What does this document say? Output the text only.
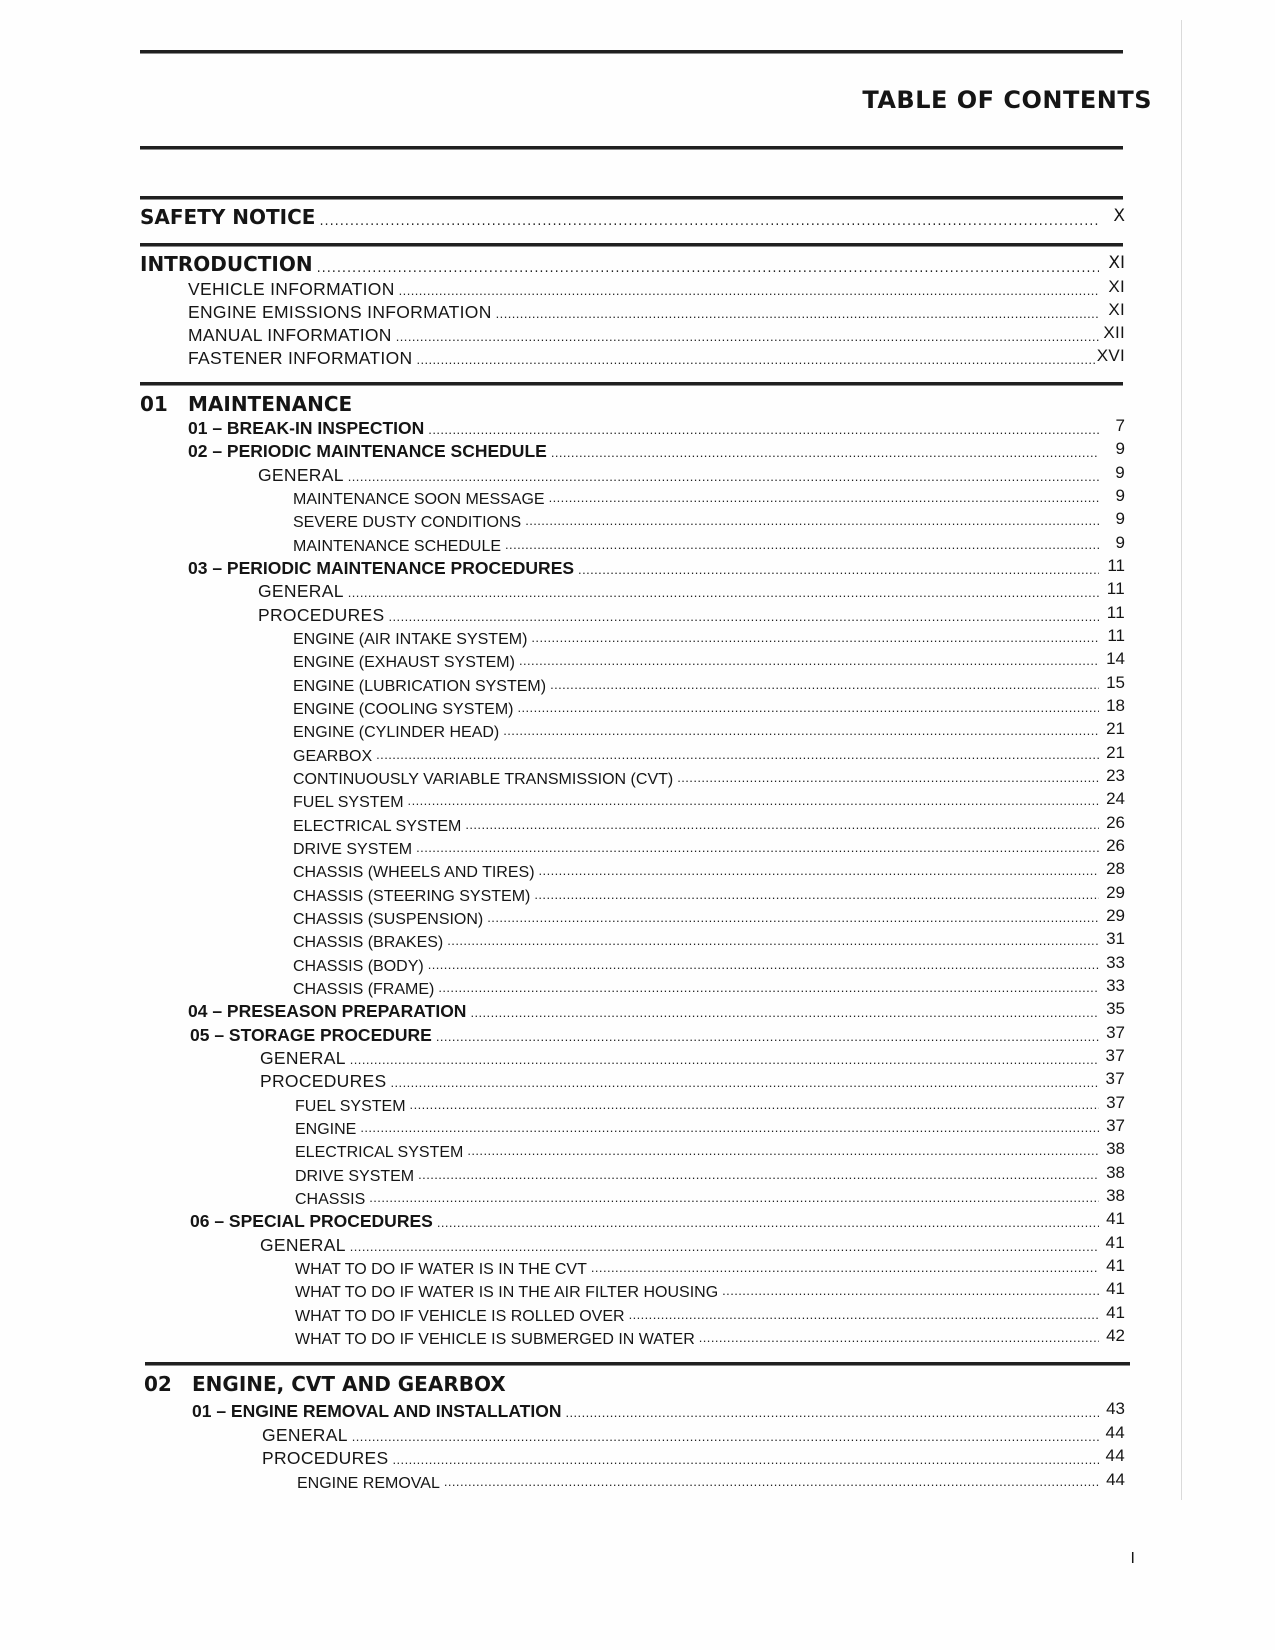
TABLE OF CONTENTS
SAFETY NOTICE . . .	X
INTRODUCTION . . .	XI
VEHICLE INFORMATION . . .	XI
ENGINE EMISSIONS INFORMATION . . .	XI
MANUAL INFORMATION . . .	XII
FASTENER INFORMATION . . .	XVI
01	MAINTENANCE
01 – BREAK-IN INSPECTION . . .	7
02 – PERIODIC MAINTENANCE SCHEDULE . . .	9
GENERAL . . .	9
MAINTENANCE SOON MESSAGE . . .	9
SEVERE DUSTY CONDITIONS . . .	9
MAINTENANCE SCHEDULE . . .	9
03 – PERIODIC MAINTENANCE PROCEDURES . . .	11
GENERAL . . .	11
PROCEDURES . . .	11
ENGINE (AIR INTAKE SYSTEM) . . .	11
ENGINE (EXHAUST SYSTEM) . . .	14
ENGINE (LUBRICATION SYSTEM) . . .	15
ENGINE (COOLING SYSTEM) . . .	18
ENGINE (CYLINDER HEAD) . . .	21
GEARBOX . . .	21
CONTINUOUSLY VARIABLE TRANSMISSION (CVT) . . .	23
FUEL SYSTEM . . .	24
ELECTRICAL SYSTEM . . .	26
DRIVE SYSTEM . . .	26
CHASSIS (WHEELS AND TIRES) . . .	28
CHASSIS (STEERING SYSTEM) . . .	29
CHASSIS (SUSPENSION) . . .	29
CHASSIS (BRAKES) . . .	31
CHASSIS (BODY) . . .	33
CHASSIS (FRAME) . . .	33
04 – PRESEASON PREPARATION . . .	35
05 – STORAGE PROCEDURE . . .	37
GENERAL . . .	37
PROCEDURES . . .	37
FUEL SYSTEM . . .	37
ENGINE . . .	37
ELECTRICAL SYSTEM . . .	38
DRIVE SYSTEM . . .	38
CHASSIS . . .	38
06 – SPECIAL PROCEDURES . . .	41
GENERAL . . .	41
WHAT TO DO IF WATER IS IN THE CVT . . .	41
WHAT TO DO IF WATER IS IN THE AIR FILTER HOUSING . . .	41
WHAT TO DO IF VEHICLE IS ROLLED OVER . . .	41
WHAT TO DO IF VEHICLE IS SUBMERGED IN WATER . . .	42
02	ENGINE, CVT AND GEARBOX
01 – ENGINE REMOVAL AND INSTALLATION . . .	43
GENERAL . . .	44
PROCEDURES . . .	44
ENGINE REMOVAL . . .	44
I
